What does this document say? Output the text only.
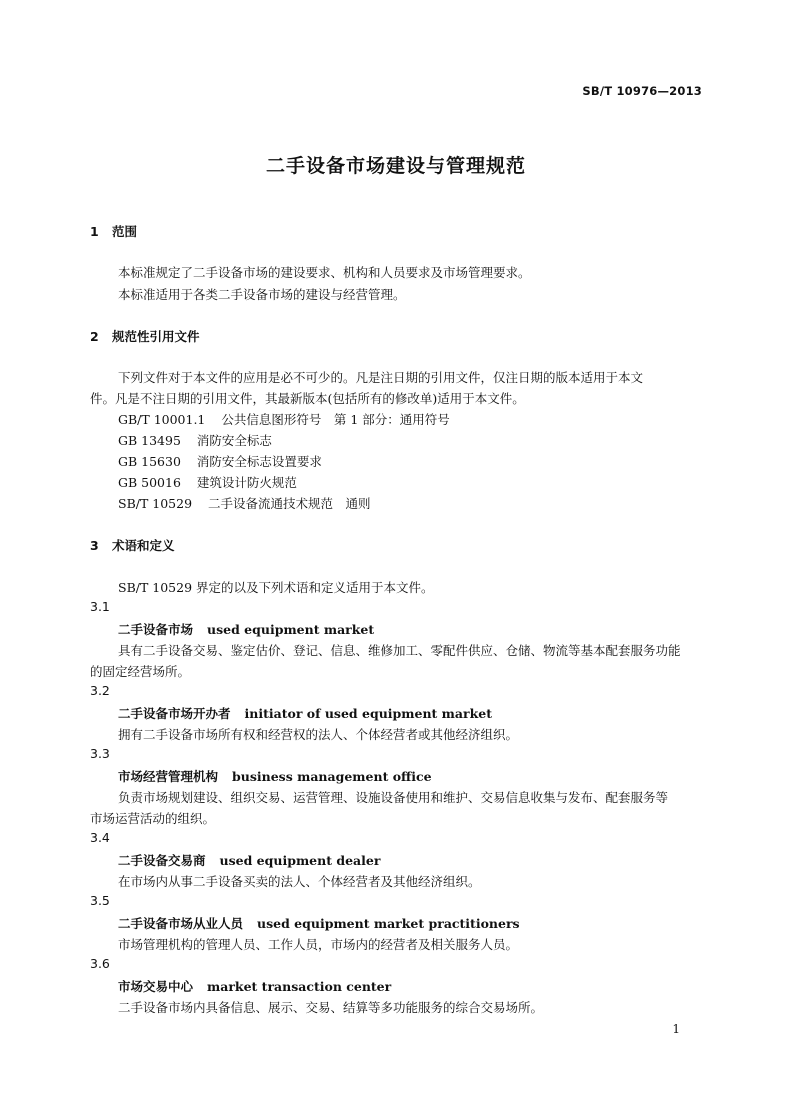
SB/T 10976—2013
二手设备市场建设与管理规范
1 范围
本标准规定了二手设备市场的建设要求、机构和人员要求及市场管理要求。
本标准适用于各类二手设备市场的建设与经营管理。
2 规范性引用文件
下列文件对于本文件的应用是必不可少的。凡是注日期的引用文件，仅注日期的版本适用于本文
件。凡是不注日期的引用文件，其最新版本(包括所有的修改单)适用于本文件。
GB/T 10001.1 公共信息图形符号　第 1 部分：通用符号
GB 13495 消防安全标志
GB 15630 消防安全标志设置要求
GB 50016 建筑设计防火规范
SB/T 10529 二手设备流通技术规范　通则
3 术语和定义
SB/T 10529 界定的以及下列术语和定义适用于本文件。
3.1
二手设备市场 used equipment market
具有二手设备交易、鉴定估价、登记、信息、维修加工、零配件供应、仓储、物流等基本配套服务功能
的固定经营场所。
3.2
二手设备市场开办者 initiator of used equipment market
拥有二手设备市场所有权和经营权的法人、个体经营者或其他经济组织。
3.3
市场经营管理机构 business management office
负责市场规划建设、组织交易、运营管理、设施设备使用和维护、交易信息收集与发布、配套服务等
市场运营活动的组织。
3.4
二手设备交易商 used equipment dealer
在市场内从事二手设备买卖的法人、个体经营者及其他经济组织。
3.5
二手设备市场从业人员 used equipment market practitioners
市场管理机构的管理人员、工作人员，市场内的经营者及相关服务人员。
3.6
市场交易中心 market transaction center
二手设备市场内具备信息、展示、交易、结算等多功能服务的综合交易场所。
1
